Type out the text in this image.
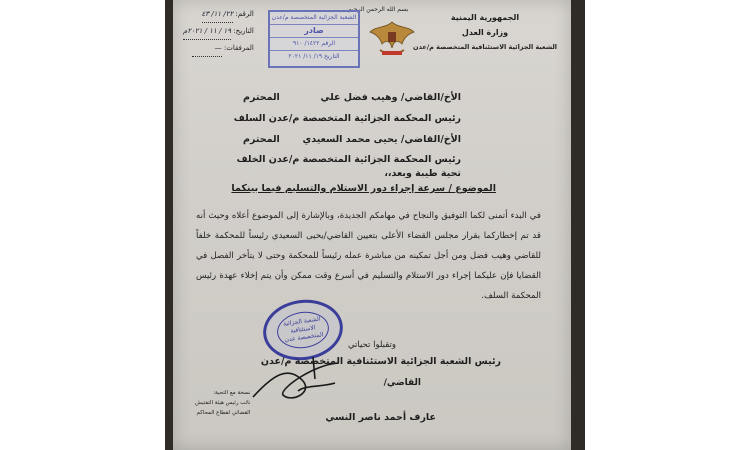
بسم الله الرحمن الرحيم
الجمهورية اليمنية
وزارة العدل
الشعبة الجزائية الاستئنافية المتخصصة م/عدن
الشعبة الجزائية المتخصصة م/عدن
صادر
الرقم ١٤٢٢/ ٩١٠
التاريخ ١٩/ ١١/ ٢٠٢١
الرقم: ٢٢/ ١١/ ٤٣
التاريخ: ١٩ / ١١ / ٢٠٢١م
المرفقات: —
الأخ/القاضي/ وهيب فضل علي
المحترم
رئيس المحكمة الجزائية المتخصصة م/عدن السلف
الأخ/القاضي/ يحيى محمد السعيدي
المحترم
رئيس المحكمة الجزائية المتخصصة م/عدن الخلف
تحية طيبة وبعد،،
الموضوع / سرعة إجراء دور الاستلام والتسليم فيما بينكما
في البدء أتمنى لكما التوفيق والنجاح في مهامكم الجديدة، وبالإشارة إلى الموضوع أعلاه وحيث أنه قد تم إخطاركما بقرار مجلس القضاء الأعلى بتعيين القاضي/يحيى السعيدي رئيساً للمحكمة خلفاً للقاضي وهيب فضل ومن أجل تمكينه من مباشرة عمله رئيساً للمحكمة وحتى لا يتأخر الفصل في القضايا فإن عليكما إجراء دور الاستلام والتسليم في أسرع وقت ممكن وأن يتم إخلاء عهدة رئيس المحكمة السلف.
الشعبة الجزائية الاستئنافية المتخصصة عدن
وتقبلوا تحياتي
رئيس الشعبة الجزائية الاستئنافية المتخصصة م/عدن
القاضي/
عارف أحمد ناصر النسي
نسخة مع التحية:
نائب رئيس هيئة التفتيش
القضائي لقطاع المحاكم
